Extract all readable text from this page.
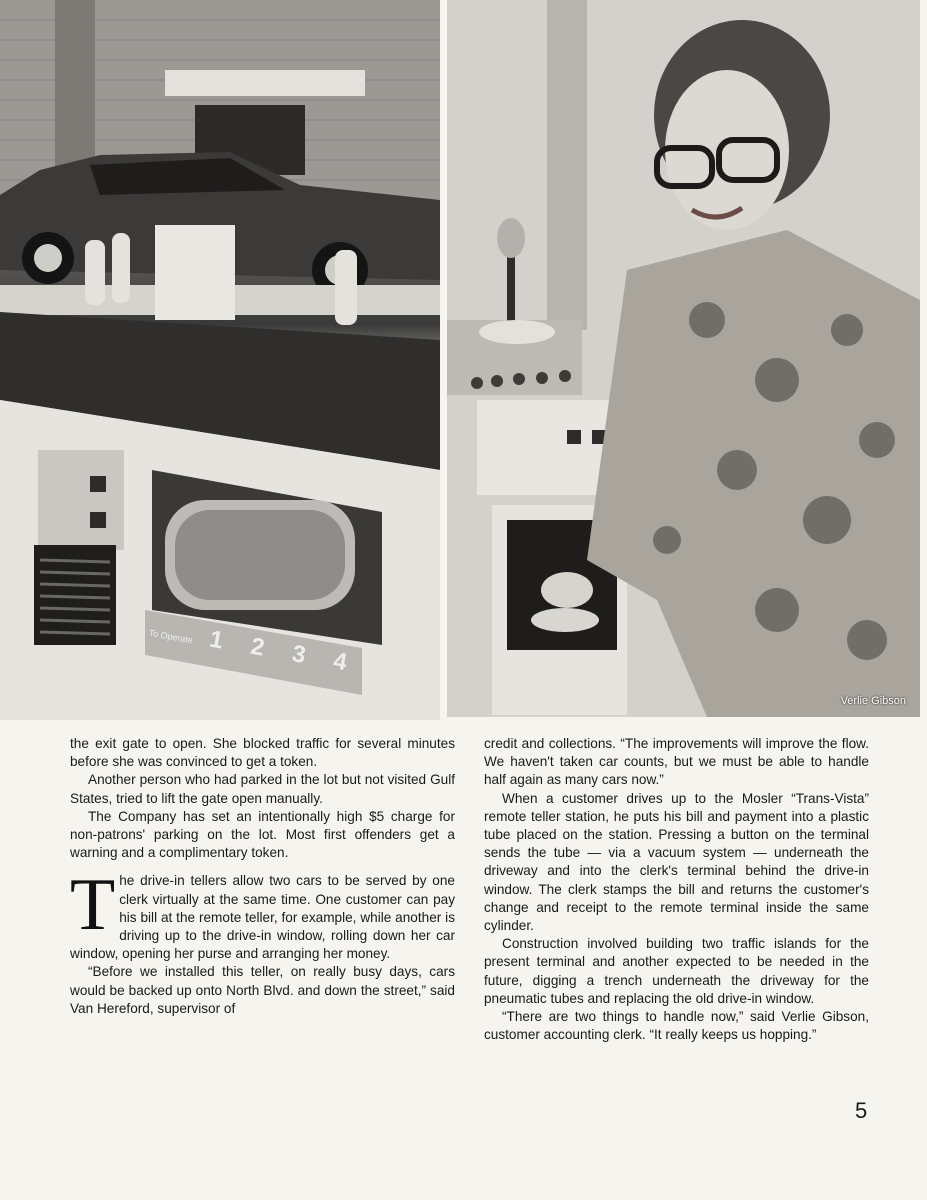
To Operate 1 2 3 4
Verlie Gibson

the exit gate to open. She blocked traffic for several minutes before she was convinced to get a token.

Another person who had parked in the lot but not visited Gulf States, tried to lift the gate open manually.

The Company has set an intentionally high $5 charge for non-patrons' parking on the lot. Most first offenders get a warning and a complimentary token.

The drive-in tellers allow two cars to be served by one clerk virtually at the same time. One customer can pay his bill at the remote teller, for example, while another is driving up to the drive-in window, rolling down her car window, opening her purse and arranging her money.

“Before we installed this teller, on really busy days, cars would be backed up onto North Blvd. and down the street,” said Van Hereford, supervisor of

credit and collections. “The improvements will improve the flow. We haven't taken car counts, but we must be able to handle half again as many cars now.”

When a customer drives up to the Mosler “Trans-Vista” remote teller station, he puts his bill and payment into a plastic tube placed on the station. Pressing a button on the terminal sends the tube — via a vacuum system — underneath the driveway and into the clerk's terminal behind the drive-in window. The clerk stamps the bill and returns the customer's change and receipt to the remote terminal inside the same cylinder.

Construction involved building two traffic islands for the present terminal and another expected to be needed in the future, digging a trench underneath the driveway for the pneumatic tubes and replacing the old drive-in window.

“There are two things to handle now,” said Verlie Gibson, customer accounting clerk. “It really keeps us hopping.”

5
